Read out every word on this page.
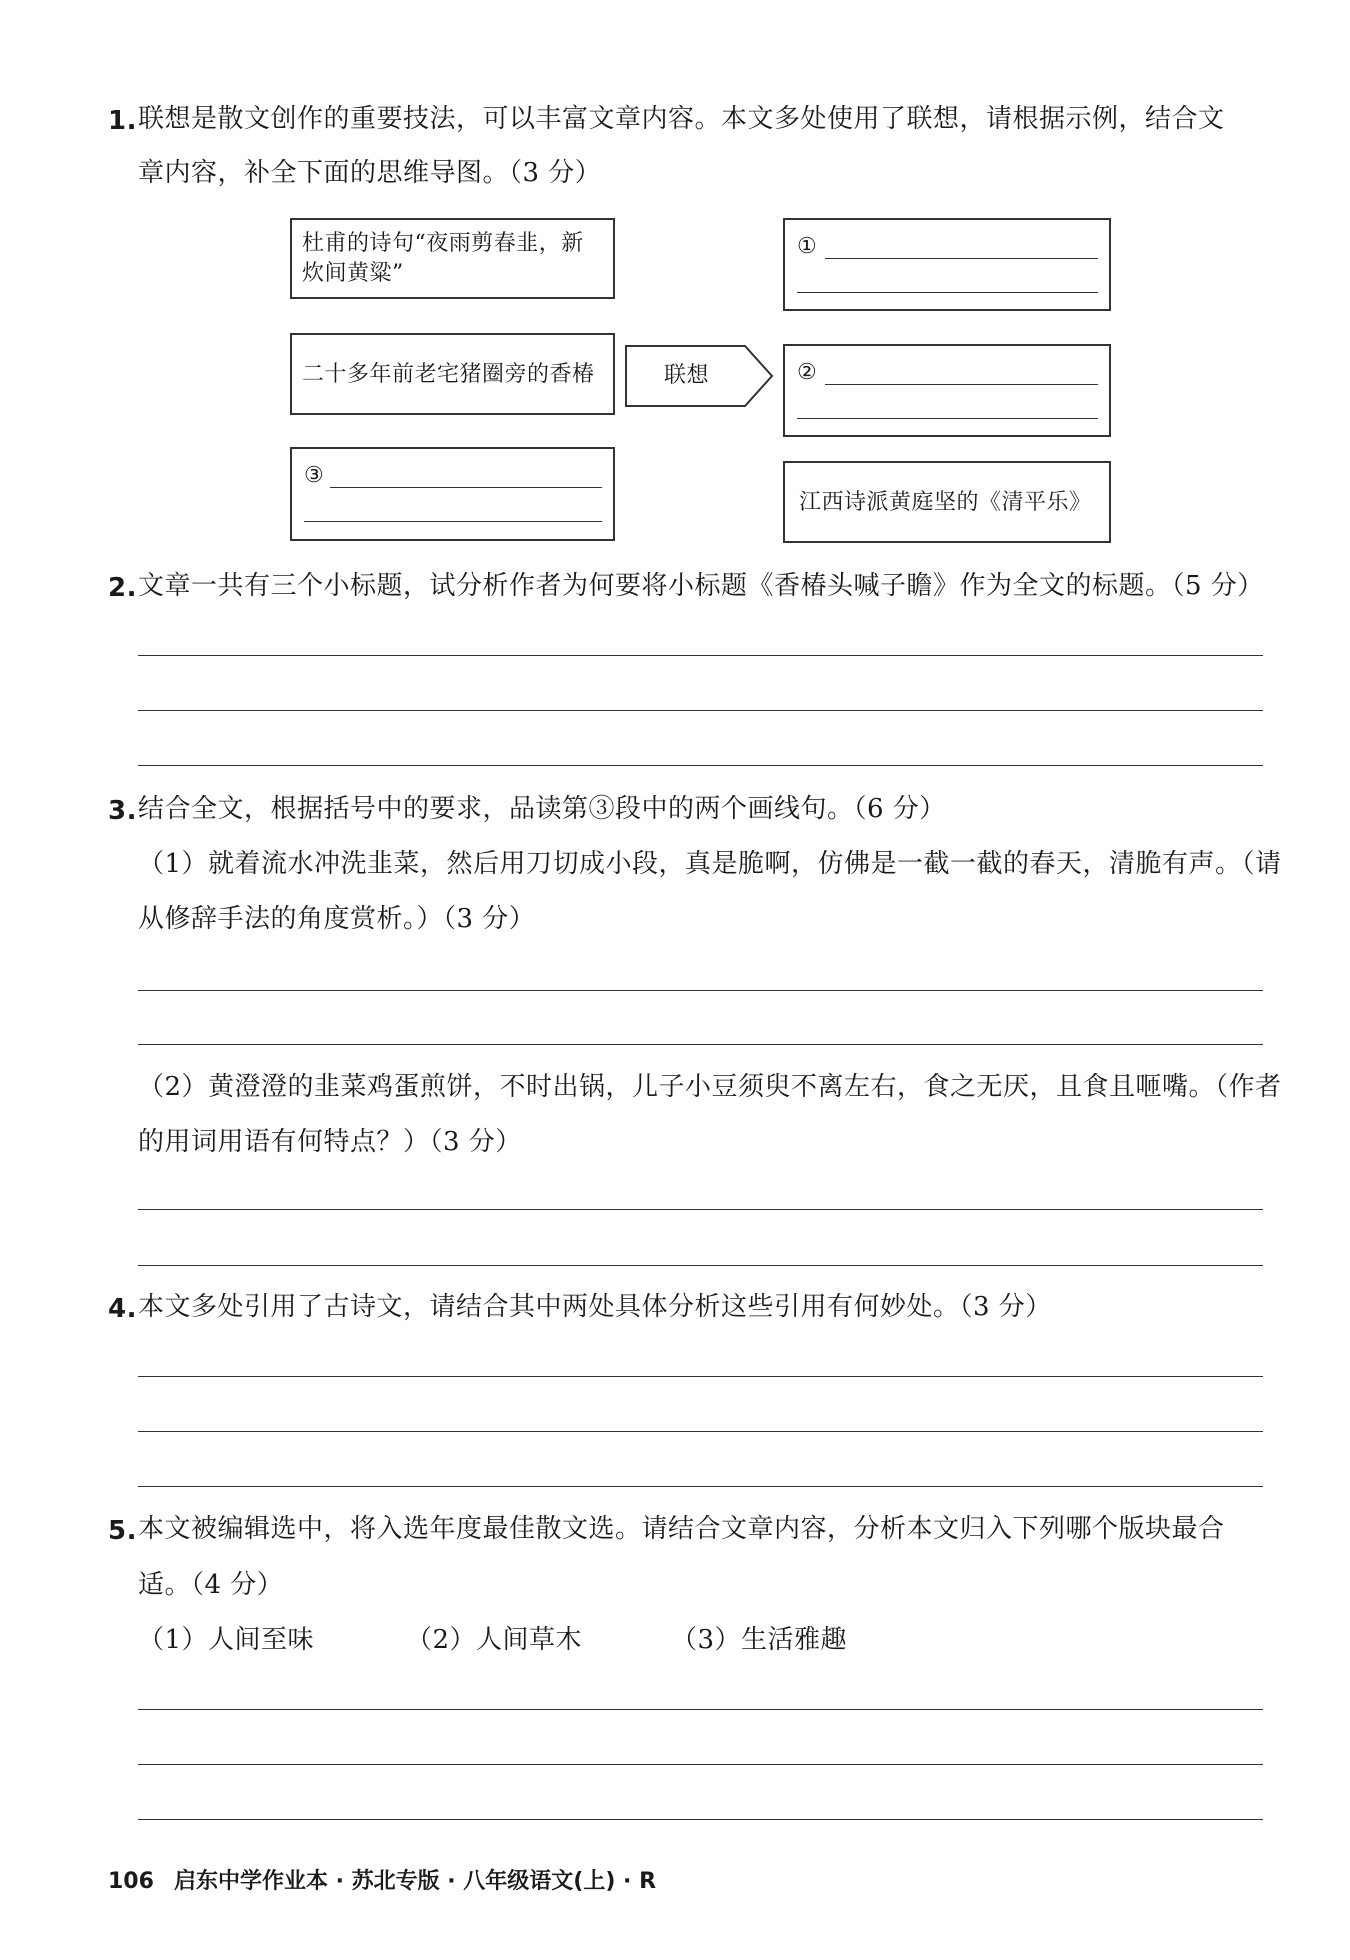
1. 联想是散文创作的重要技法，可以丰富文章内容。本文多处使用了联想，请根据示例，结合文
章内容，补全下面的思维导图。（3 分）
杜甫的诗句“夜雨剪春韭，新
炊间黄粱”
二十多年前老宅猪圈旁的香椿
③
联想
①
②
江西诗派黄庭坚的《清平乐》
2. 文章一共有三个小标题，试分析作者为何要将小标题《香椿头喊子瞻》作为全文的标题。（5 分）
3. 结合全文，根据括号中的要求，品读第③段中的两个画线句。（6 分）
（1）就着流水冲洗韭菜，然后用刀切成小段，真是脆啊，仿佛是一截一截的春天，清脆有声。（请
从修辞手法的角度赏析。）（3 分）
（2）黄澄澄的韭菜鸡蛋煎饼，不时出锅，儿子小豆须臾不离左右，食之无厌，且食且咂嘴。（作者
的用词用语有何特点？）（3 分）
4. 本文多处引用了古诗文，请结合其中两处具体分析这些引用有何妙处。（3 分）
5. 本文被编辑选中，将入选年度最佳散文选。请结合文章内容，分析本文归入下列哪个版块最合
适。（4 分）
（1）人间至味	（2）人间草木	（3）生活雅趣
106 启东中学作业本 · 苏北专版 · 八年级语文(上) · R
